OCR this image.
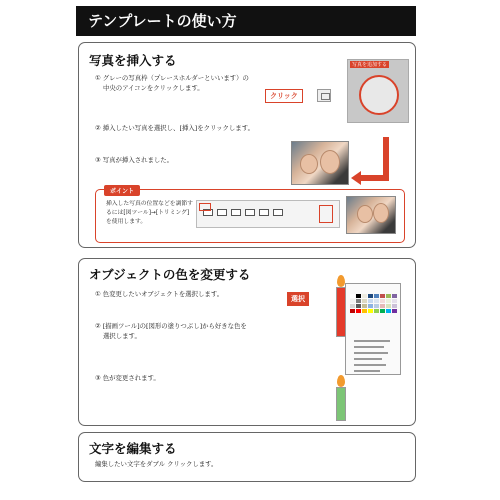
テンプレートの使い方
写真を挿入する
① グレーの写真枠（プレースホルダーといいます）の
中央のアイコンをクリックします。
② 挿入したい写真を選択し、[挿入]をクリックします。
③ 写真が挿入されました。
写真を追加する
クリック
ポイント
挿入した写真の位置などを調節す
るには[図ツール]→[トリミング]
を使用します。
オブジェクトの色を変更する
① 色変更したいオブジェクトを選択します。
② [描画ツール]の[図形の塗りつぶし]から好きな色を
選択します。
③ 色が変更されます。
選択
文字を編集する
編集したい文字をダブル クリックします。
